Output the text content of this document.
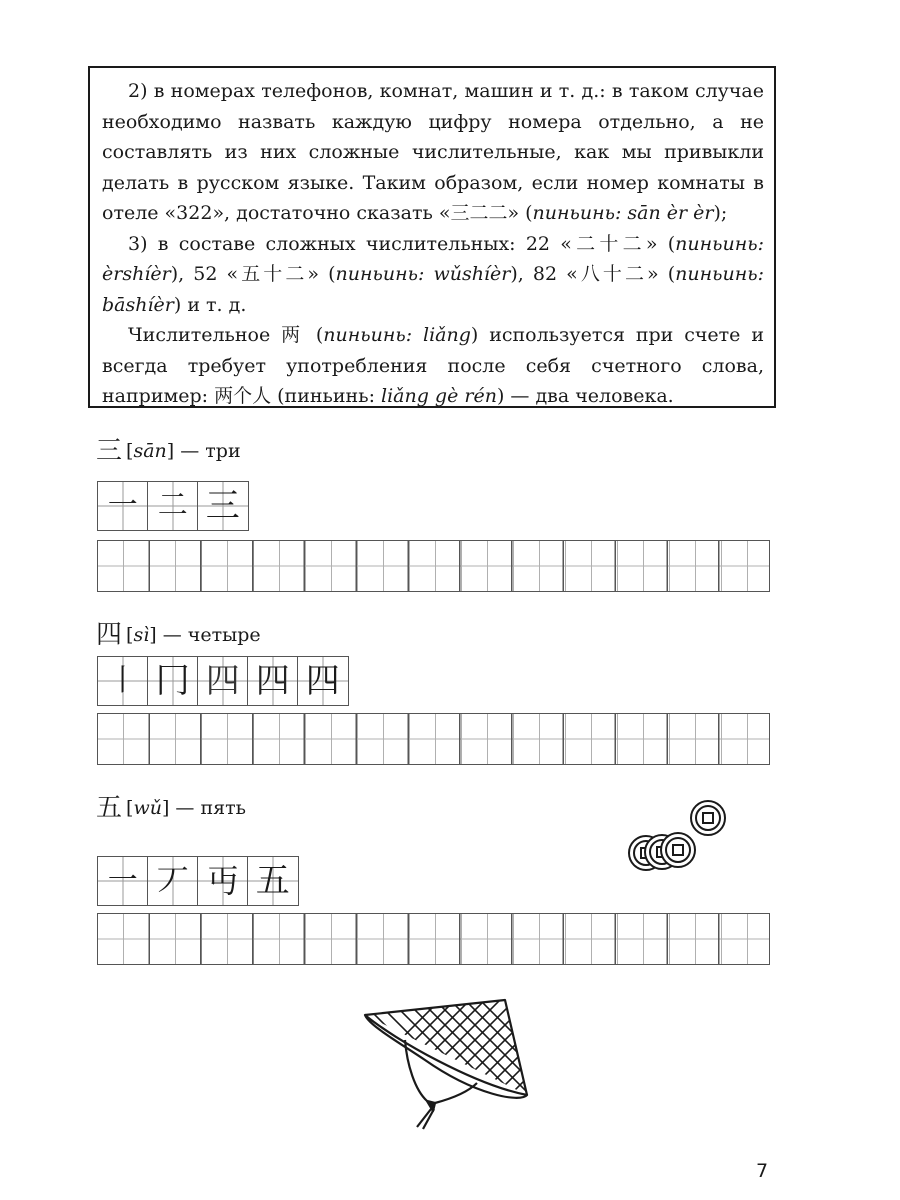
2) в номерах телефонов, комнат, машин и т. д.: в таком случае необходимо назвать каждую цифру номера отдельно, а не составлять из них сложные числительные, как мы привыкли делать в русском языке. Таким образом, если номер комнаты в отеле «322», достаточно сказать «三二二» (пиньинь: sān èr èr);

3) в составе сложных числительных: 22 «二十二» (пиньинь: èrshíèr), 52 «五十二» (пиньинь: wǔshíèr), 82 «八十二» (пиньинь: bāshíèr) и т. д.

Числительное 两 (пиньинь: liǎng) используется при счете и всегда требует употребления после себя счетного слова, например: 两个人 (пиньинь: liǎng gè rén) — два человека.

三 [sān] — три
一 二 三
四 [sì] — четыре
丨 冂 四 四 四
五 [wǔ] — пять
一 丆 丏 五
7
